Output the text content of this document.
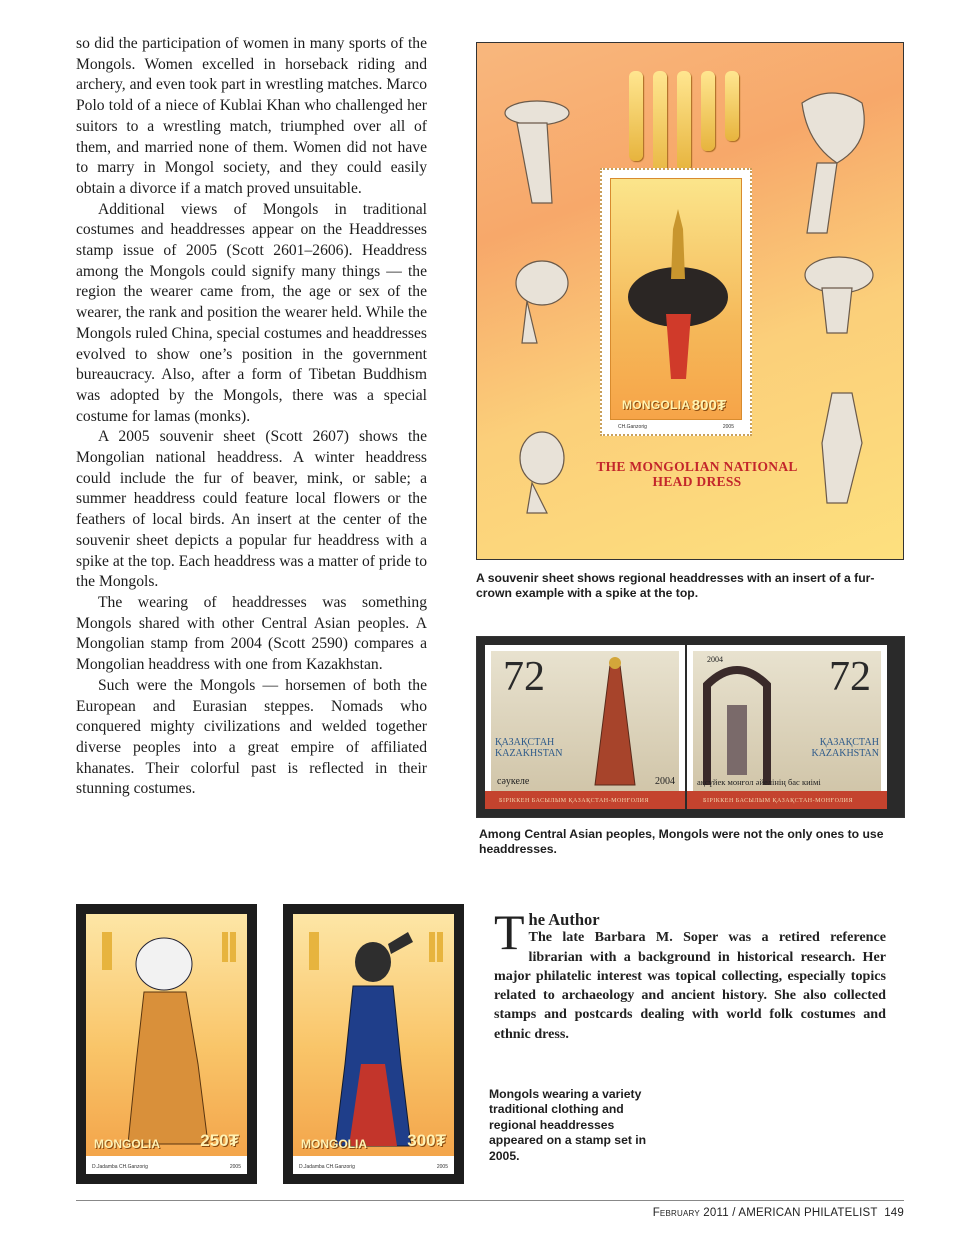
so did the participation of women in many sports of the Mongols. Women excelled in horseback riding and archery, and even took part in wrestling matches. Marco Polo told of a niece of Kublai Khan who challenged her suitors to a wrestling match, triumphed over all of them, and married none of them. Women did not have to marry in Mongol society, and they could easily obtain a divorce if a match proved unsuitable.

Additional views of Mongols in traditional costumes and headdresses appear on the Headdresses stamp issue of 2005 (Scott 2601–2606). Headdress among the Mongols could signify many things — the region the wearer came from, the age or sex of the wearer, the rank and position the wearer held. While the Mongols ruled China, special costumes and headdresses evolved to show one’s position in the government bureaucracy. Also, after a form of Tibetan Buddhism was adopted by the Mongols, there was a special costume for lamas (monks).

A 2005 souvenir sheet (Scott 2607) shows the Mongolian national headdress. A winter headdress could include the fur of beaver, mink, or sable; a summer headdress could feature local flowers or the feathers of local birds. An insert at the center of the souvenir sheet depicts a popular fur headdress with a spike at the top. Each headdress was a matter of pride to the Mongols.

The wearing of headdresses was something Mongols shared with other Central Asian peoples. A Mongolian stamp from 2004 (Scott 2590) compares a Mongolian headdress with one from Kazakhstan.

Such were the Mongols — horsemen of both the European and Eurasian steppes. Nomads who conquered mighty civilizations and welded together diverse peoples into a great empire of affiliated khanates. Their colorful past is reflected in their stunning costumes.

MONGOLIA 800₮
CH.Ganzorig	2005
THE MONGOLIAN NATIONAL
HEAD DRESS
A souvenir sheet shows regional headdresses with an insert of a fur-crown example with a spike at the top.
72
ҚАЗАҚСТАН
KAZAKHSTAN
сәукеле	2004
72
ҚАЗАҚСТАН
KAZAKHSTAN
ақсүйек монғол әйелінің бас киімі
2004
БІРІККЕН БАСЫЛЫМ ҚАЗАҚСТАН-МОНҒОЛИЯ	БІРІККЕН БАСЫЛЫМ ҚАЗАҚСТАН-МОНҒОЛИЯ
Among Central Asian peoples, Mongols were not the only ones to use headdresses.
MONGOLIA 250₮
D.Jadamba CH.Ganzorig	2005
MONGOLIA 300₮
D.Jadamba CH.Ganzorig	2005
T he Author
The late Barbara M. Soper was a retired reference librarian with a background in historical research. Her major philatelic interest was topical collecting, especially topics related to archaeology and ancient history. She also collected stamps and postcards dealing with world folk costumes and ethnic dress.
Mongols wearing a variety traditional clothing and regional headdresses appeared on a stamp set in 2005.
February 2011 / AMERICAN PHILATELIST 149
